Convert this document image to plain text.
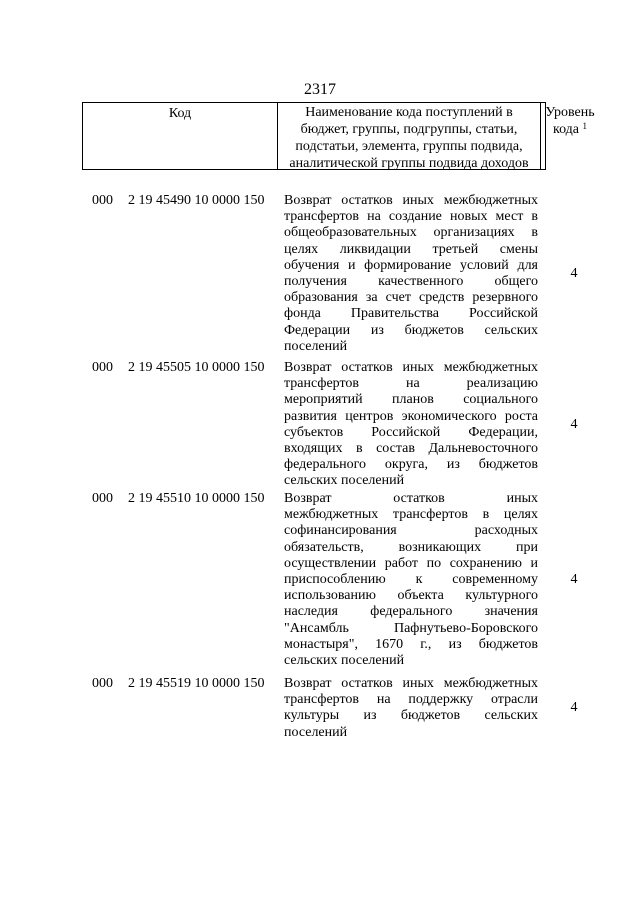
2317
Код	Наименование кода поступлений в
бюджет, группы, подгруппы, статьи,
подстатьи, элемента, группы подвида,
аналитической группы подвида доходов
Уровень
кода $^1$
000 2 19 45490 10 0000 150 Возврат остатков иных межбюджетных
трансфертов на создание новых мест в
общеобразовательных организациях в
целях ликвидации третьей смены
обучения и формирование условий для
получения качественного общего
образования за счет средств резервного
фонда Правительства Российской
Федерации из бюджетов сельских
поселений
4
000 2 19 45505 10 0000 150 Возврат остатков иных межбюджетных
трансфертов на реализацию
мероприятий планов социального
развития центров экономического роста
субъектов Российской Федерации,
входящих в состав Дальневосточного
федерального округа, из бюджетов
сельских поселений
4
000 2 19 45510 10 0000 150 Возврат остатков иных
межбюджетных трансфертов в целях
софинансирования расходных
обязательств, возникающих при
осуществлении работ по сохранению и
приспособлению к современному
использованию объекта культурного
наследия федерального значения
"Ансамбль Пафнутьево-Боровского
монастыря", 1670 г., из бюджетов
сельских поселений
4
000 2 19 45519 10 0000 150 Возврат остатков иных межбюджетных
трансфертов на поддержку отрасли
культуры из бюджетов сельских
поселений
4
